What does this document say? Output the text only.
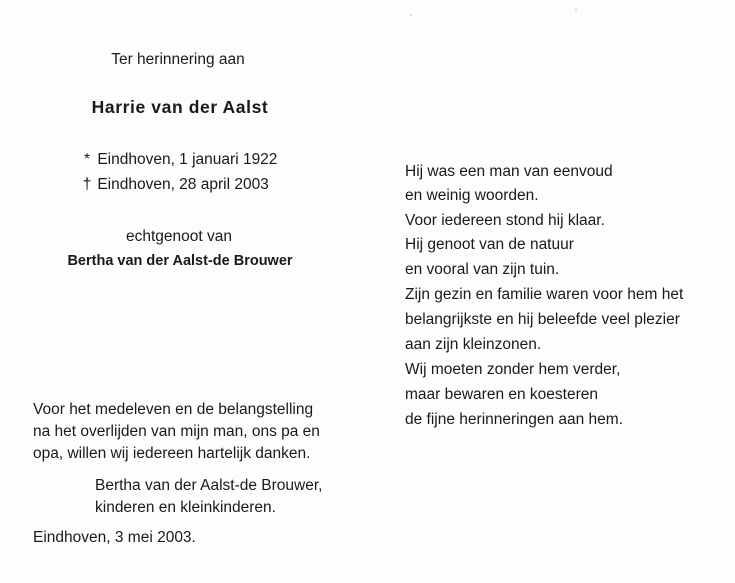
Ter herinnering aan
Harrie van der Aalst
* Eindhoven, 1 januari 1922
† Eindhoven, 28 april 2003
echtgenoot van
Bertha van der Aalst-de Brouwer
Voor het medeleven en de belangstelling
na het overlijden van mijn man, ons pa en
opa, willen wij iedereen hartelijk danken.
Bertha van der Aalst-de Brouwer,
kinderen en kleinkinderen.
Eindhoven, 3 mei 2003.
Hij was een man van eenvoud
en weinig woorden.
Voor iedereen stond hij klaar.
Hij genoot van de natuur
en vooral van zijn tuin.
Zijn gezin en familie waren voor hem het
belangrijkste en hij beleefde veel plezier
aan zijn kleinzonen.
Wij moeten zonder hem verder,
maar bewaren en koesteren
de fijne herinneringen aan hem.
